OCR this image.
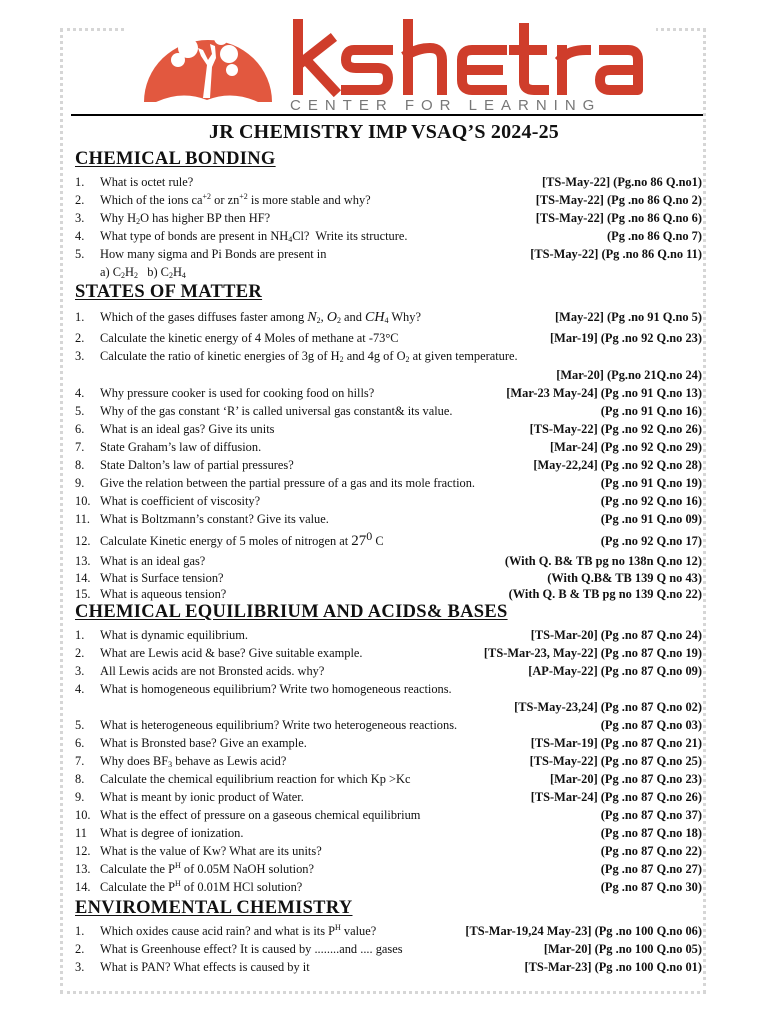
CENTER FOR LEARNING
JR CHEMISTRY IMP VSAQ’S 2024-25
CHEMICAL BONDING
1. What is octet rule?	[TS-May-22] (Pg.no 86 Q.no1)
2. Which of the ions $ca^{+2}$ or $zn^{+2}$ is more stable and why?	[TS-May-22] (Pg .no 86 Q.no 2)
3. Why $H_2O$ has higher BP then HF?	[TS-May-22] (Pg .no 86 Q.no 6)
4. What type of bonds are present in $NH_4Cl$?  Write its structure.	(Pg .no 86 Q.no 7)
5. How many sigma and Pi Bonds are present in	[TS-May-22] (Pg .no 86 Q.no 11)
a) $C_2H_2$   b) $C_2H_4$
STATES OF MATTER
1. Which of the gases diffuses faster among $N_2$, $O_2$ and $CH_4$ Why?	[May-22] (Pg .no 91 Q.no 5)
2. Calculate the kinetic energy of 4 Moles of methane at -73°C	[Mar-19] (Pg .no 92 Q.no 23)
3. Calculate the ratio of kinetic energies of 3g of $H_2$ and 4g of $O_2$ at given temperature.
[Mar-20] (Pg.no 21Q.no 24)
4. Why pressure cooker is used for cooking food on hills?	[Mar-23 May-24] (Pg .no 91 Q.no 13)
5. Why of the gas constant ‘R’ is called universal gas constant& its value.	(Pg .no 91 Q.no 16)
6. What is an ideal gas? Give its units	[TS-May-22] (Pg .no 92 Q.no 26)
7. State Graham’s law of diffusion.	[Mar-24] (Pg .no 92 Q.no 29)
8. State Dalton’s law of partial pressures?	[May-22,24] (Pg .no 92 Q.no 28)
9. Give the relation between the partial pressure of a gas and its mole fraction.	(Pg .no 91 Q.no 19)
10. What is coefficient of viscosity?	(Pg .no 92 Q.no 16)
11. What is Boltzmann’s constant? Give its value.	(Pg .no 91 Q.no 09)
12. Calculate Kinetic energy of 5 moles of nitrogen at $27^0$ C	(Pg .no 92 Q.no 17)
13. What is an ideal gas?	(With Q. B& TB pg no 138n Q.no 12)
14. What is Surface tension?	(With Q.B& TB 139 Q no 43)
15. What is aqueous tension?	(With Q. B & TB pg no 139 Q.no 22)
CHEMICAL EQUILIBRIUM AND ACIDS& BASES
1. What is dynamic equilibrium.	[TS-Mar-20] (Pg .no 87 Q.no 24)
2. What are Lewis acid & base? Give suitable example.	[TS-Mar-23, May-22] (Pg .no 87 Q.no 19)
3. All Lewis acids are not Bronsted acids. why?	[AP-May-22] (Pg .no 87 Q.no 09)
4. What is homogeneous equilibrium? Write two homogeneous reactions.
[TS-May-23,24] (Pg .no 87 Q.no 02)
5. What is heterogeneous equilibrium? Write two heterogeneous reactions.	(Pg .no 87 Q.no 03)
6. What is Bronsted base? Give an example.	[TS-Mar-19] (Pg .no 87 Q.no 21)
7. Why does $BF_3$ behave as Lewis acid?	[TS-May-22] (Pg .no 87 Q.no 25)
8. Calculate the chemical equilibrium reaction for which Kp >Kc	[Mar-20] (Pg .no 87 Q.no 23)
9. What is meant by ionic product of Water.	[TS-Mar-24] (Pg .no 87 Q.no 26)
10. What is the effect of pressure on a gaseous chemical equilibrium	(Pg .no 87 Q.no 37)
11 What is degree of ionization.	(Pg .no 87 Q.no 18)
12. What is the value of Kw? What are its units?	(Pg .no 87 Q.no 22)
13. Calculate the $P^H$ of 0.05M NaOH solution?	(Pg .no 87 Q.no 27)
14. Calculate the $P^H$ of 0.01M HCl solution?	(Pg .no 87 Q.no 30)
ENVIROMENTAL CHEMISTRY
1. Which oxides cause acid rain? and what is its $P^H$ value?	[TS-Mar-19,24 May-23] (Pg .no 100 Q.no 06)
2. What is Greenhouse effect? It is caused by ........and .... gases	[Mar-20] (Pg .no 100 Q.no 05)
3. What is PAN? What effects is caused by it	[TS-Mar-23] (Pg .no 100 Q.no 01)
